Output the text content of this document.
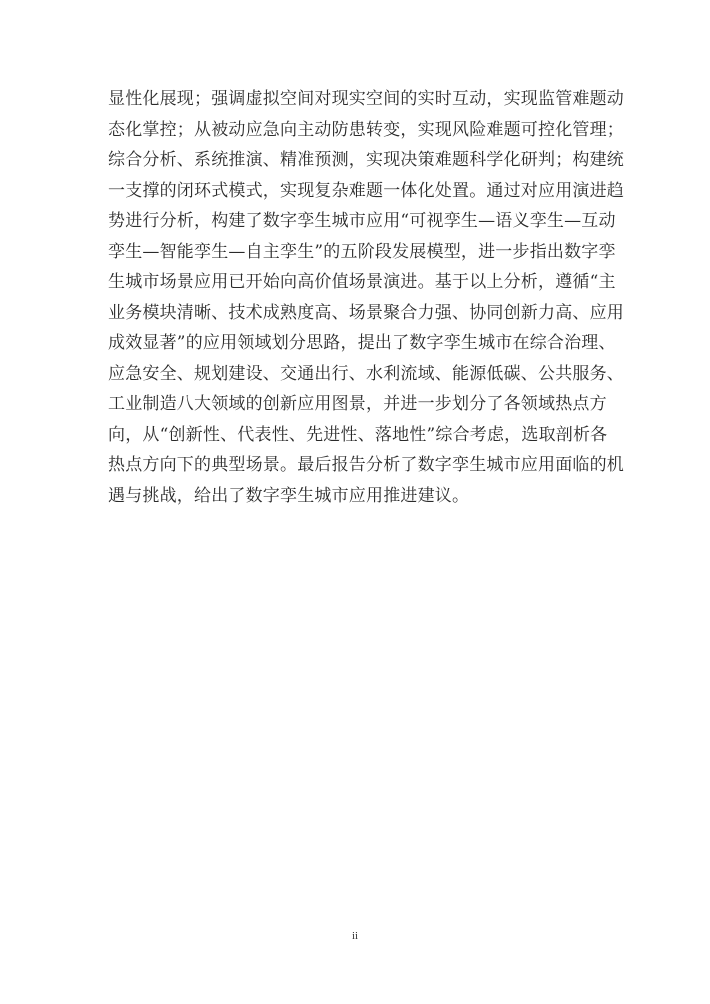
显性化展现；强调虚拟空间对现实空间的实时互动，实现监管难题动
态化掌控；从被动应急向主动防患转变，实现风险难题可控化管理；
综合分析、系统推演、精准预测，实现决策难题科学化研判；构建统
一支撑的闭环式模式，实现复杂难题一体化处置。通过对应用演进趋
势进行分析，构建了数字孪生城市应用“可视孪生—语义孪生—互动
孪生—智能孪生—自主孪生”的五阶段发展模型，进一步指出数字孪
生城市场景应用已开始向高价值场景演进。基于以上分析，遵循“主
业务模块清晰、技术成熟度高、场景聚合力强、协同创新力高、应用
成效显著”的应用领域划分思路，提出了数字孪生城市在综合治理、
应急安全、规划建设、交通出行、水利流域、能源低碳、公共服务、
工业制造八大领域的创新应用图景，并进一步划分了各领域热点方
向，从“创新性、代表性、先进性、落地性”综合考虑，选取剖析各
热点方向下的典型场景。最后报告分析了数字孪生城市应用面临的机
遇与挑战，给出了数字孪生城市应用推进建议。
ii
